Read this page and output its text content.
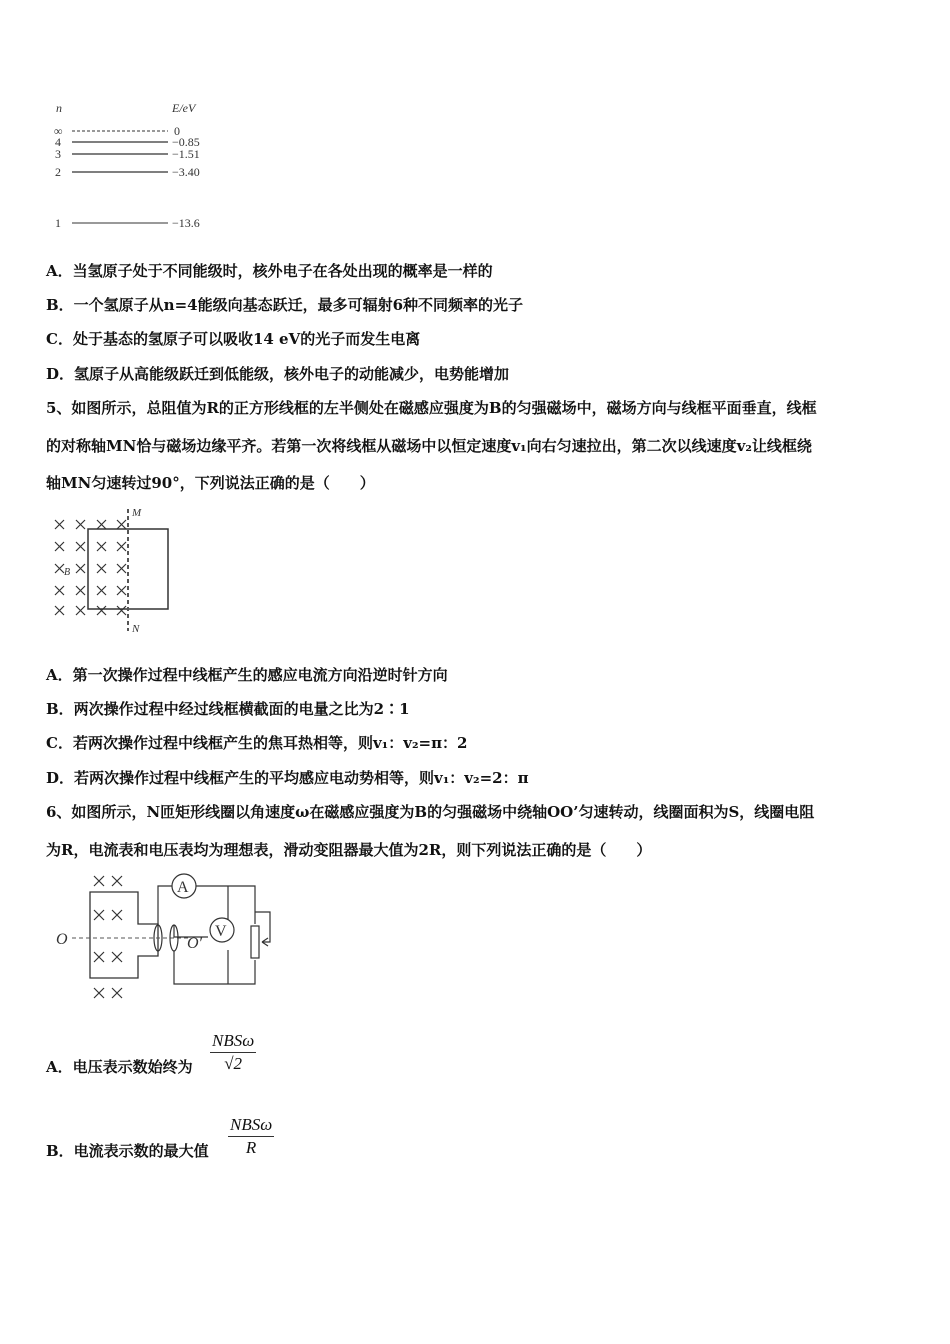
n	E/eV
∞	0
4	−0.85
3	−1.51
2	−3.40
1	−13.6
A．当氢原子处于不同能级时，核外电子在各处出现的概率是一样的
B．一个氢原子从n=4能级向基态跃迁，最多可辐射6种不同频率的光子
C．处于基态的氢原子可以吸收14 eV的光子而发生电离
D．氢原子从高能级跃迁到低能级，核外电子的动能减少，电势能增加
5、如图所示，总阻值为R的正方形线框的左半侧处在磁感应强度为B的匀强磁场中，磁场方向与线框平面垂直，线框
的对称轴MN恰与磁场边缘平齐。若第一次将线框从磁场中以恒定速度v₁向右匀速拉出，第二次以线速度v₂让线框绕
轴MN匀速转过90°，下列说法正确的是（　　）
M
N
B
A．第一次操作过程中线框产生的感应电流方向沿逆时针方向
B．两次操作过程中经过线框横截面的电量之比为2∶1
C．若两次操作过程中线框产生的焦耳热相等，则v₁：v₂=π：2
D．若两次操作过程中线框产生的平均感应电动势相等，则v₁：v₂=2：π
6、如图所示，N匝矩形线圈以角速度ω在磁感应强度为B的匀强磁场中绕轴OO’匀速转动，线圈面积为S，线圈电阻
为R，电流表和电压表均为理想表，滑动变阻器最大值为2R，则下列说法正确的是（　　）
O	O′
A
V
A．电压表示数始终为
NBSω
√2
B．电流表示数的最大值
NBSω
R
